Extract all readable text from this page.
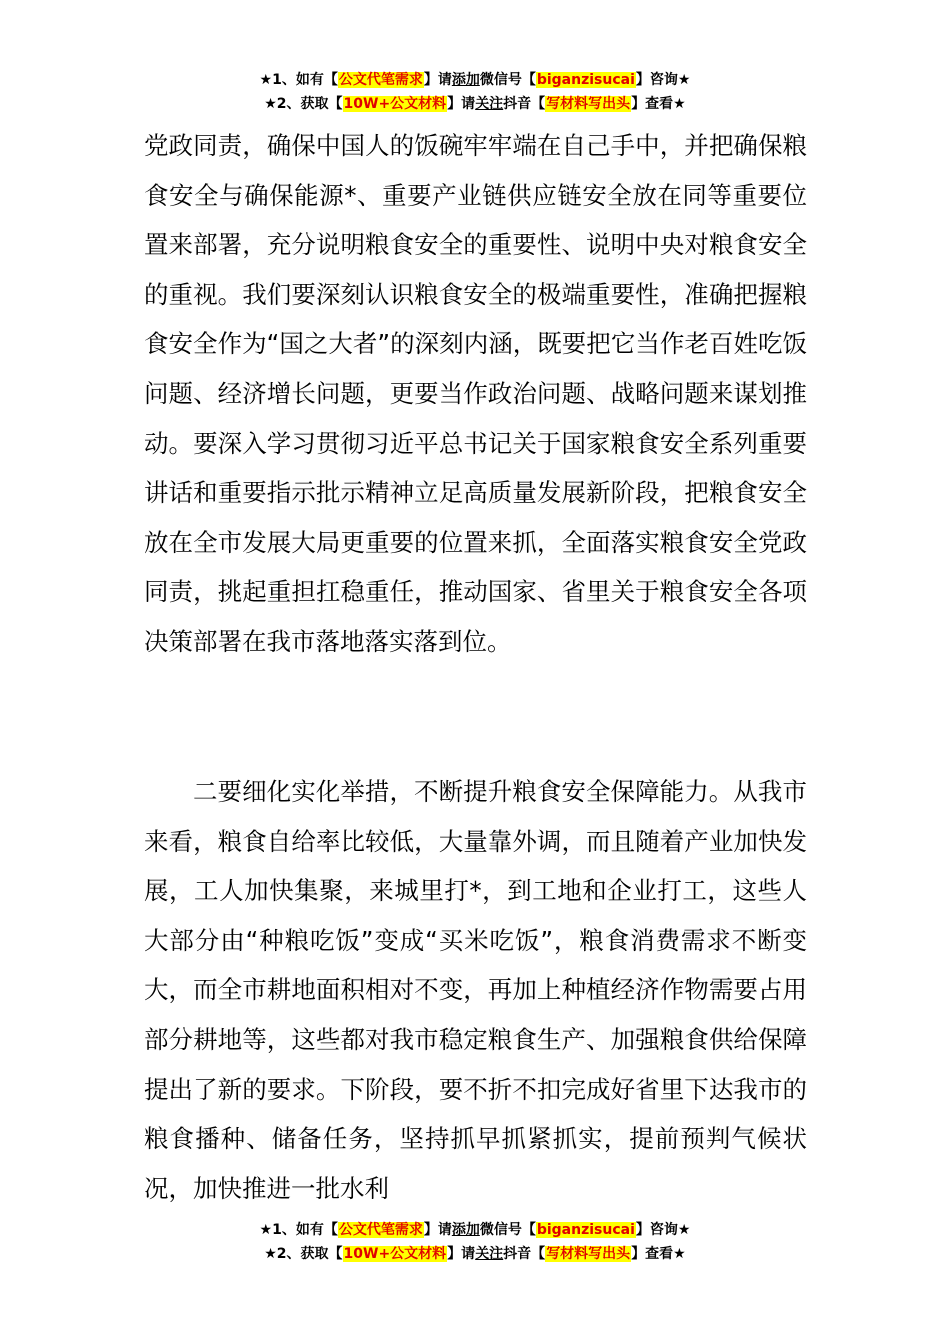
★1、如有【公文代笔需求】请添加微信号【biganzisucai】咨询★
★2、获取【10W+公文材料】请关注抖音【写材料写出头】查看★
党政同责，确保中国人的饭碗牢牢端在自己手中，并把确保粮食安全与确保能源*、重要产业链供应链安全放在同等重要位置来部署，充分说明粮食安全的重要性、说明中央对粮食安全的重视。我们要深刻认识粮食安全的极端重要性，准确把握粮食安全作为“国之大者”的深刻内涵，既要把它当作老百姓吃饭问题、经济增长问题，更要当作政治问题、战略问题来谋划推动。要深入学习贯彻习近平总书记关于国家粮食安全系列重要讲话和重要指示批示精神立足高质量发展新阶段，把粮食安全放在全市发展大局更重要的位置来抓，全面落实粮食安全党政同责，挑起重担扛稳重任，推动国家、省里关于粮食安全各项决策部署在我市落地落实落到位。
二要细化实化举措，不断提升粮食安全保障能力。从我市来看，粮食自给率比较低，大量靠外调，而且随着产业加快发展，工人加快集聚，来城里打*，到工地和企业打工，这些人大部分由“种粮吃饭”变成“买米吃饭”，粮食消费需求不断变大，而全市耕地面积相对不变，再加上种植经济作物需要占用部分耕地等，这些都对我市稳定粮食生产、加强粮食供给保障提出了新的要求。下阶段，要不折不扣完成好省里下达我市的粮食播种、储备任务，坚持抓早抓紧抓实，提前预判气候状况，加快推进一批水利
★1、如有【公文代笔需求】请添加微信号【biganzisucai】咨询★
★2、获取【10W+公文材料】请关注抖音【写材料写出头】查看★
